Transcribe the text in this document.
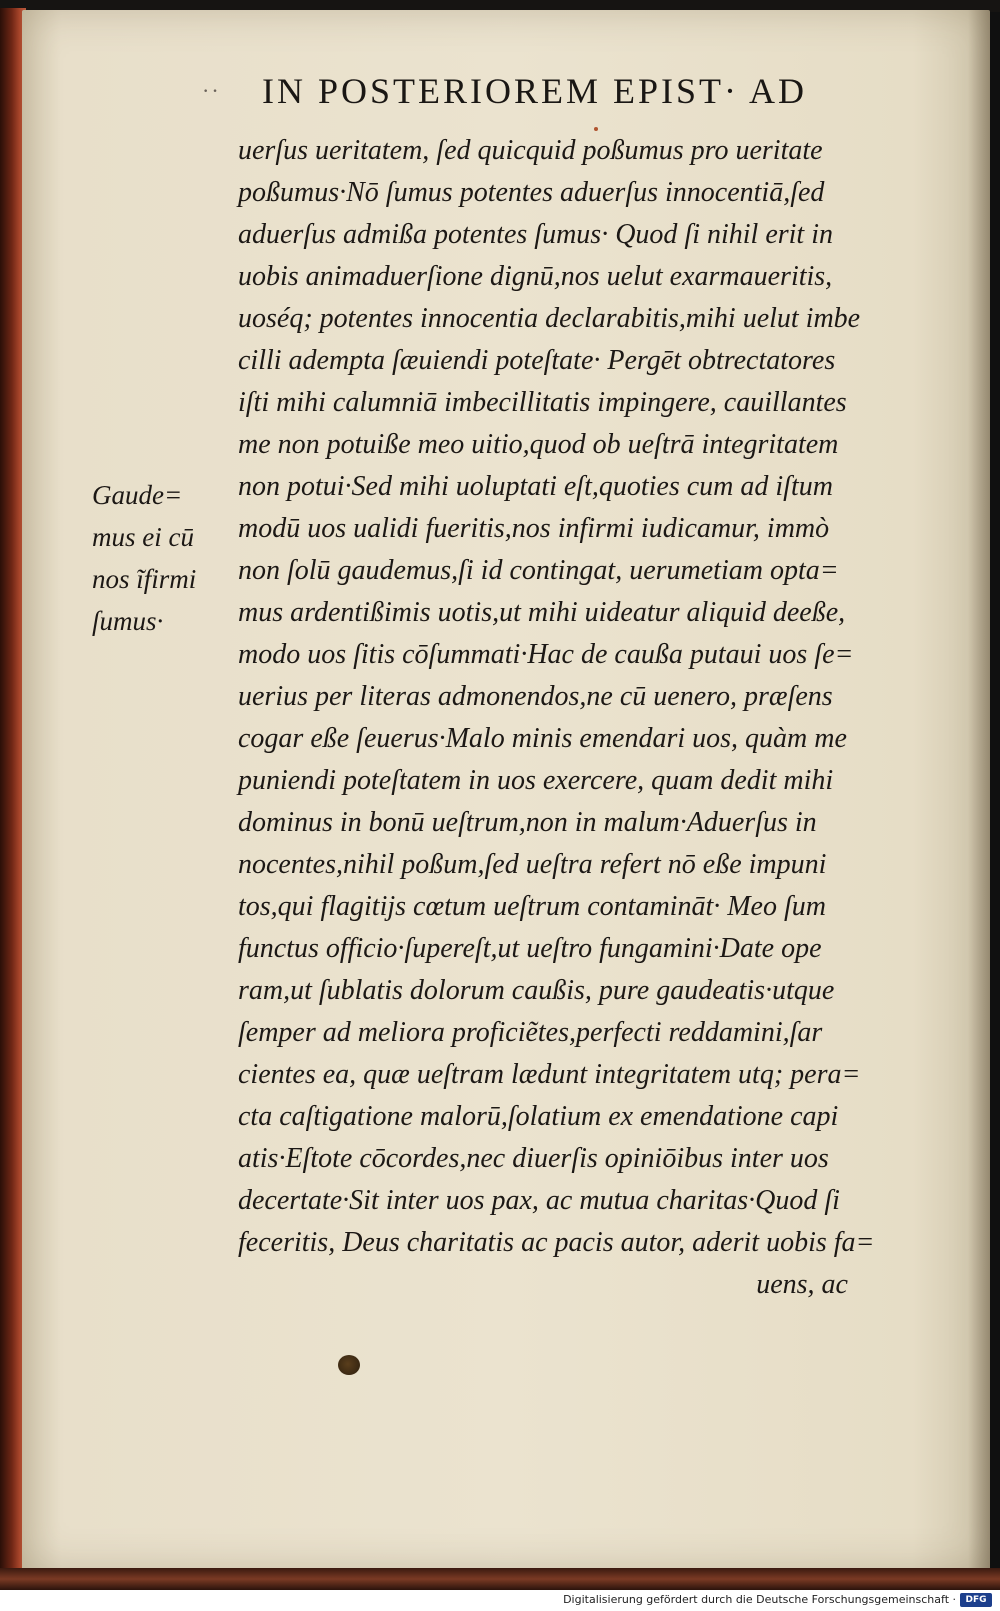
·· IN POSTERIOREM EPIST· AD
Gaude=
mus ei cū
nos ĩfirmi
ſumus·
uerſus ueritatem, ſed quicquid poßumus pro ueritate
poßumus·Nō ſumus potentes aduerſus innocentiā,ſed
aduerſus admißa potentes ſumus· Quod ſi nihil erit in
uobis animaduerſione dignū,nos uelut exarmaueritis,
uoséq; potentes innocentia declarabitis,mihi uelut imbe
cilli adempta ſæuiendi poteſtate· Pergēt obtrectatores
iſti mihi calumniā imbecillitatis impingere, cauillantes
me non potuiße meo uitio,quod ob ueſtrā integritatem
non potui·Sed mihi uoluptati eſt,quoties cum ad iſtum
modū uos ualidi fueritis,nos infirmi iudicamur, immò
non ſolū gaudemus,ſi id contingat, uerumetiam opta=
mus ardentißimis uotis,ut mihi uideatur aliquid deeße,
modo uos ſitis cōſummati·Hac de caußa putaui uos ſe=
uerius per literas admonendos,ne cū uenero, præſens
cogar eße ſeuerus·Malo minis emendari uos, quàm me
puniendi poteſtatem in uos exercere, quam dedit mihi
dominus in bonū ueſtrum,non in malum·Aduerſus in
nocentes,nihil poßum,ſed ueſtra refert nō eße impuni
tos,qui flagitijs cœtum ueſtrum contamināt· Meo ſum
functus officio·ſupereſt,ut ueſtro fungamini·Date ope
ram,ut ſublatis dolorum caußis, pure gaudeatis·utque
ſemper ad meliora proficiẽtes,perfecti reddamini,ſar
cientes ea, quæ ueſtram lædunt integritatem utq; pera=
cta caſtigatione malorū,ſolatium ex emendatione capi
atis·Eſtote cōcordes,nec diuerſis opiniōibus inter uos
decertate·Sit inter uos pax, ac mutua charitas·Quod ſi
feceritis, Deus charitatis ac pacis autor, aderit uobis fa=
uens, ac
Digitalisierung gefördert durch die Deutsche Forschungsgemeinschaft ·	DFG
